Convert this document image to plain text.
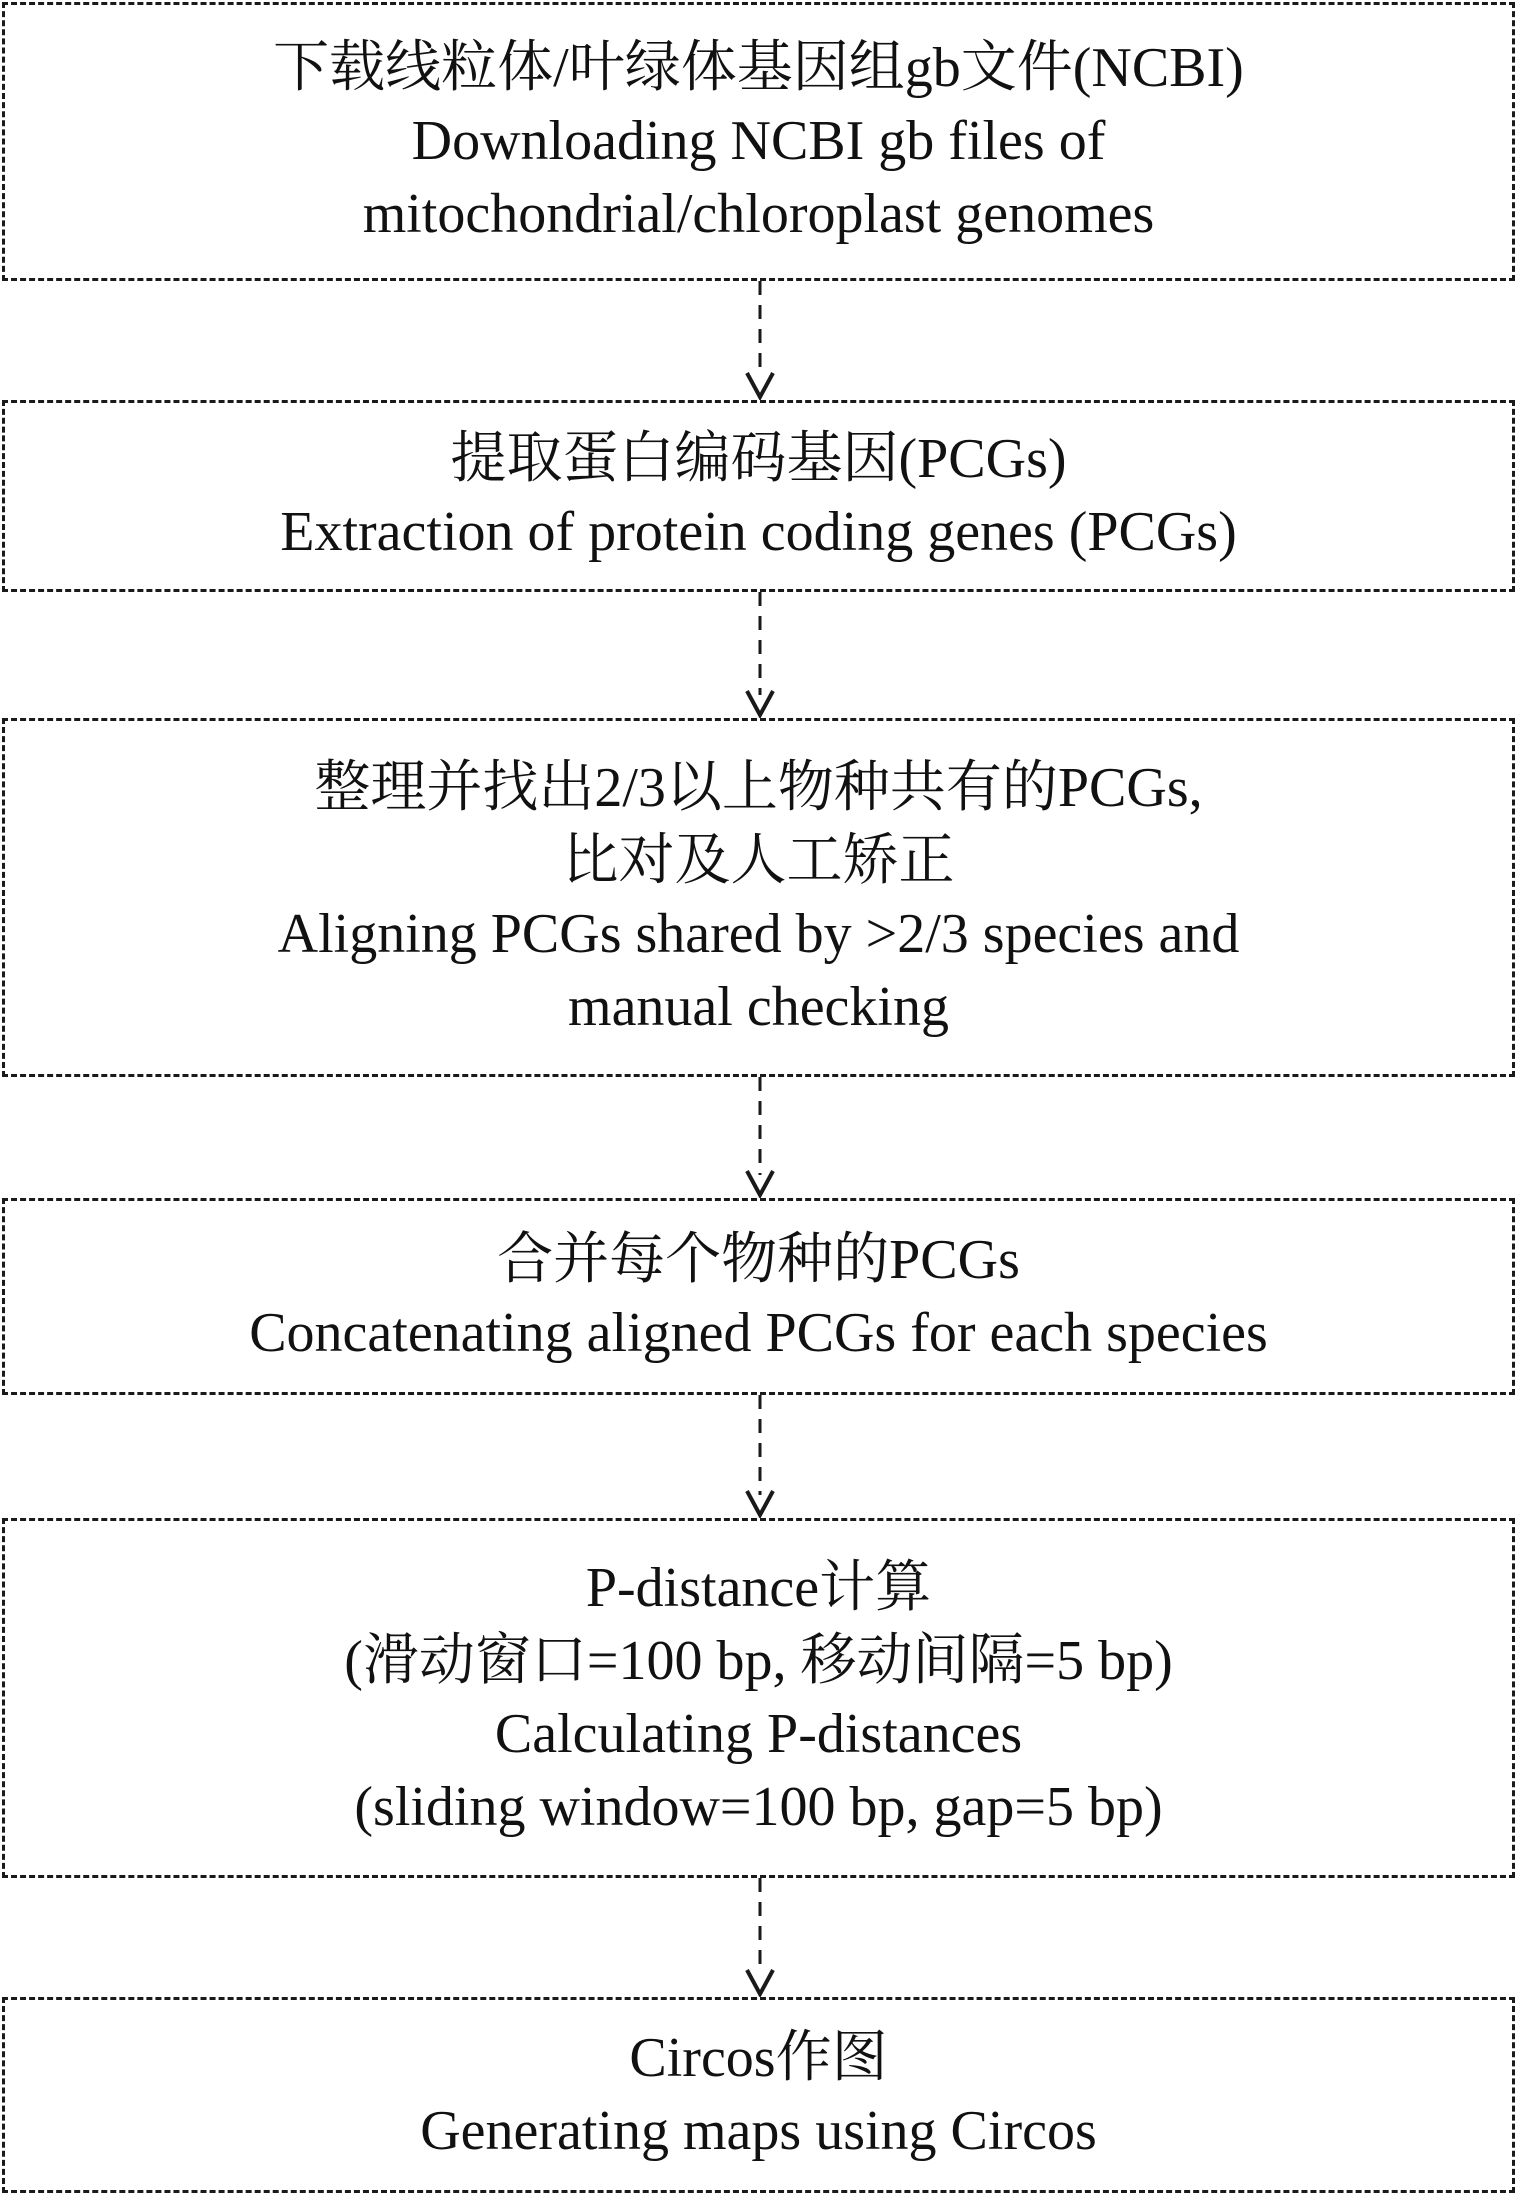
下载线粒体/叶绿体基因组gb文件(NCBI)
Downloading NCBI gb files of
mitochondrial/chloroplast genomes
提取蛋白编码基因(PCGs)
Extraction of protein coding genes (PCGs)
整理并找出2/3以上物种共有的PCGs,
比对及人工矫正
Aligning PCGs shared by >2/3 species and
manual checking
合并每个物种的PCGs
Concatenating aligned PCGs for each species
P-distance计算
(滑动窗口=100 bp, 移动间隔=5 bp)
Calculating P-distances
(sliding window=100 bp, gap=5 bp)
Circos作图
Generating maps using Circos
